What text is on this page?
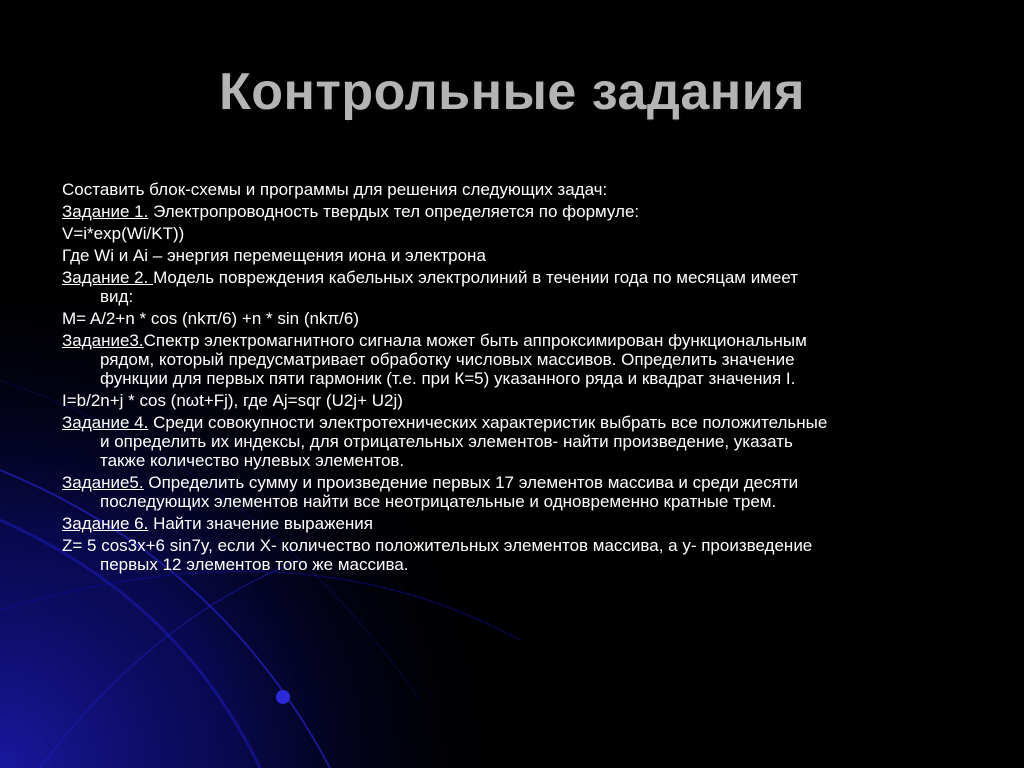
Контрольные задания
Составить блок-схемы и программы для решения следующих задач:
Задание 1. Электропроводность твердых тел определяется по формуле:
V=i*exp(Wi/KT))
Где Wi и Ai – энергия перемещения иона и электрона
Задание 2. Модель повреждения кабельных электролиний в течении года по месяцам имеет
вид:
M= A/2+n * cos (nkπ/6) +n * sin (nkπ/6)
Задание3.Спектр электромагнитного сигнала может быть аппроксимирован функциональным
рядом, который предусматривает обработку числовых массивов. Определить значение
функции для первых пяти гармоник (т.е. при К=5) указанного ряда и квадрат значения I.
I=b/2n+j * cos (nωt+Fj), где Aj=sqr (U2j+ U2j)
Задание 4. Среди совокупности электротехнических характеристик выбрать все положительные
и определить их индексы, для отрицательных элементов- найти произведение, указать
также количество нулевых элементов.
Задание5. Определить сумму и произведение первых 17 элементов массива и среди десяти
последующих элементов найти все неотрицательные и одновременно кратные трем.
Задание 6. Найти значение выражения
Z= 5 cos3x+6 sin7y, если X- количество положительных элементов массива, а y- произведение
первых 12 элементов того же массива.
